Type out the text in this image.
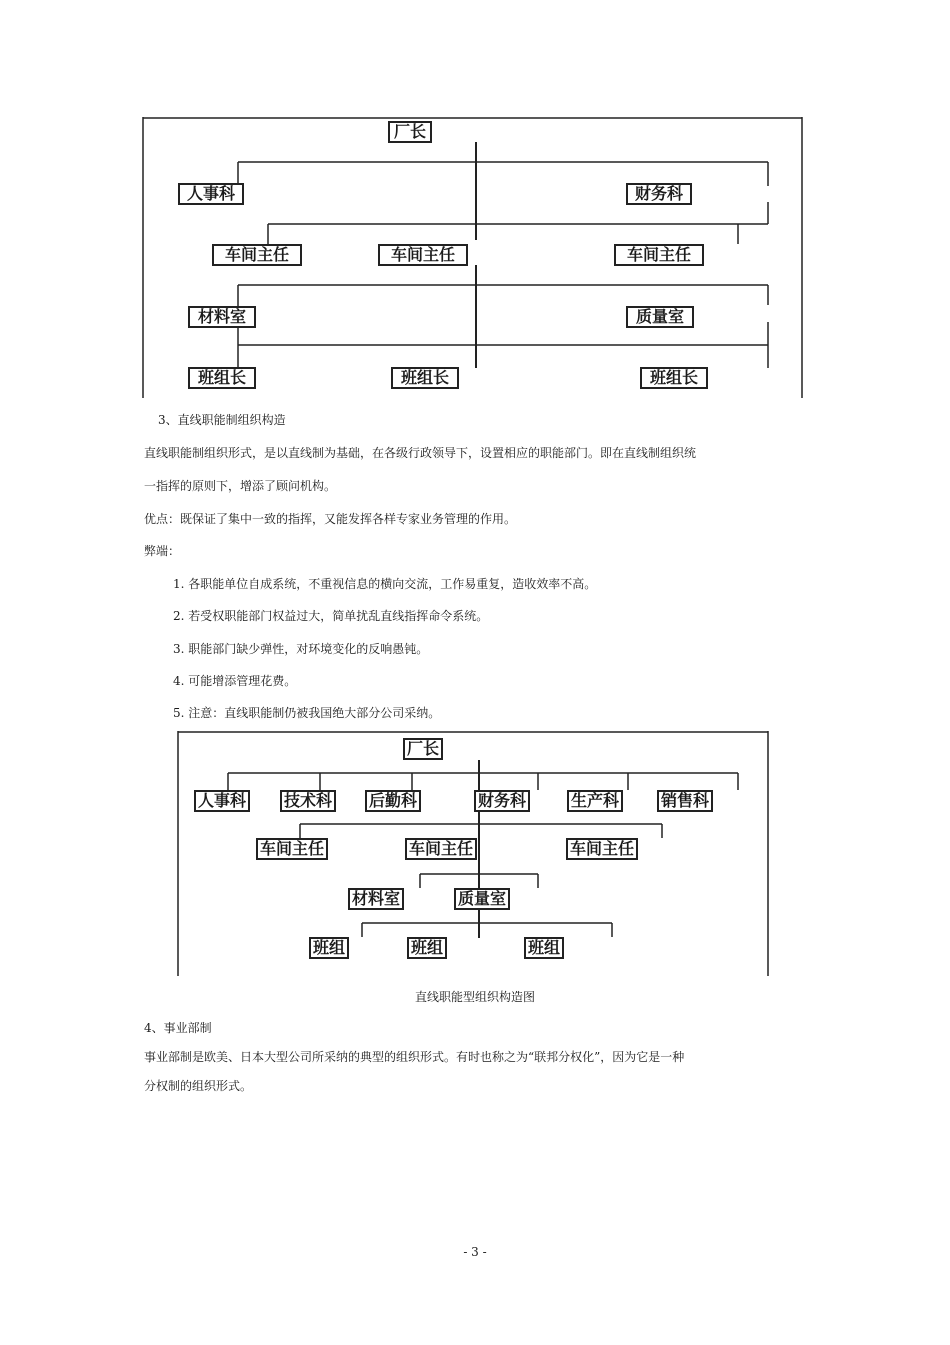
厂长
人事科	财务科
车间主任	车间主任	车间主任
材料室	质量室
班组长	班组长	班组长
3、直线职能制组织构造
直线职能制组织形式，是以直线制为基础，在各级行政领导下，设置相应的职能部门。即在直线制组织统
一指挥的原则下，增添了顾问机构。
优点：既保证了集中一致的指挥，又能发挥各样专家业务管理的作用。
弊端：
1. 各职能单位自成系统，不重视信息的横向交流，工作易重复，造收效率不高。
2. 若受权职能部门权益过大，简单扰乱直线指挥命令系统。
3. 职能部门缺少弹性，对环境变化的反响愚钝。
4. 可能增添管理花费。
5. 注意：直线职能制仍被我国绝大部分公司采纳。
厂长
人事科 技术科 后勤科	财务科	生产科	销售科
车间主任	车间主任	车间主任
材料室	质量室
班组	班组	班组
直线职能型组织构造图
4、事业部制
事业部制是欧美、日本大型公司所采纳的典型的组织形式。有时也称之为“联邦分权化”，因为它是一种
分权制的组织形式。
- 3 -
